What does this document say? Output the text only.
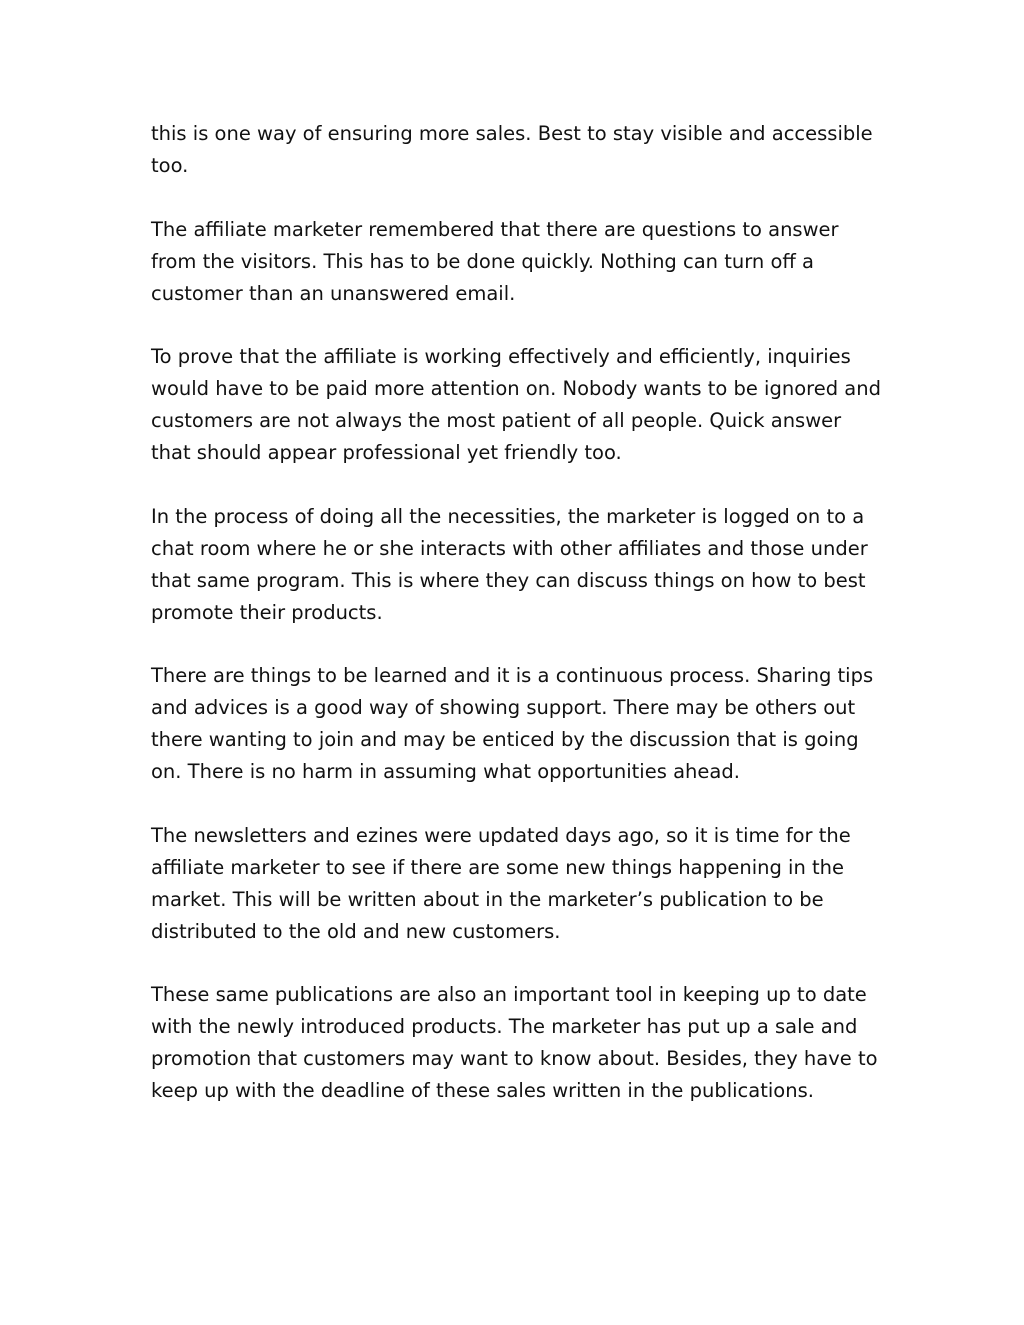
this is one way of ensuring more sales. Best to stay visible and accessible too.

The affiliate marketer remembered that there are questions to answer from the visitors. This has to be done quickly. Nothing can turn off a customer than an unanswered email.

To prove that the affiliate is working effectively and efficiently, inquiries would have to be paid more attention on. Nobody wants to be ignored and customers are not always the most patient of all people. Quick answer that should appear professional yet friendly too.

In the process of doing all the necessities, the marketer is logged on to a chat room where he or she interacts with other affiliates and those under that same program. This is where they can discuss things on how to best promote their products.

There are things to be learned and it is a continuous process. Sharing tips and advices is a good way of showing support. There may be others out there wanting to join and may be enticed by the discussion that is going on. There is no harm in assuming what opportunities ahead.

The newsletters and ezines were updated days ago, so it is time for the affiliate marketer to see if there are some new things happening in the market. This will be written about in the marketer’s publication to be distributed to the old and new customers.

These same publications are also an important tool in keeping up to date with the newly introduced products. The marketer has put up a sale and promotion that customers may want to know about. Besides, they have to keep up with the deadline of these sales written in the publications.
